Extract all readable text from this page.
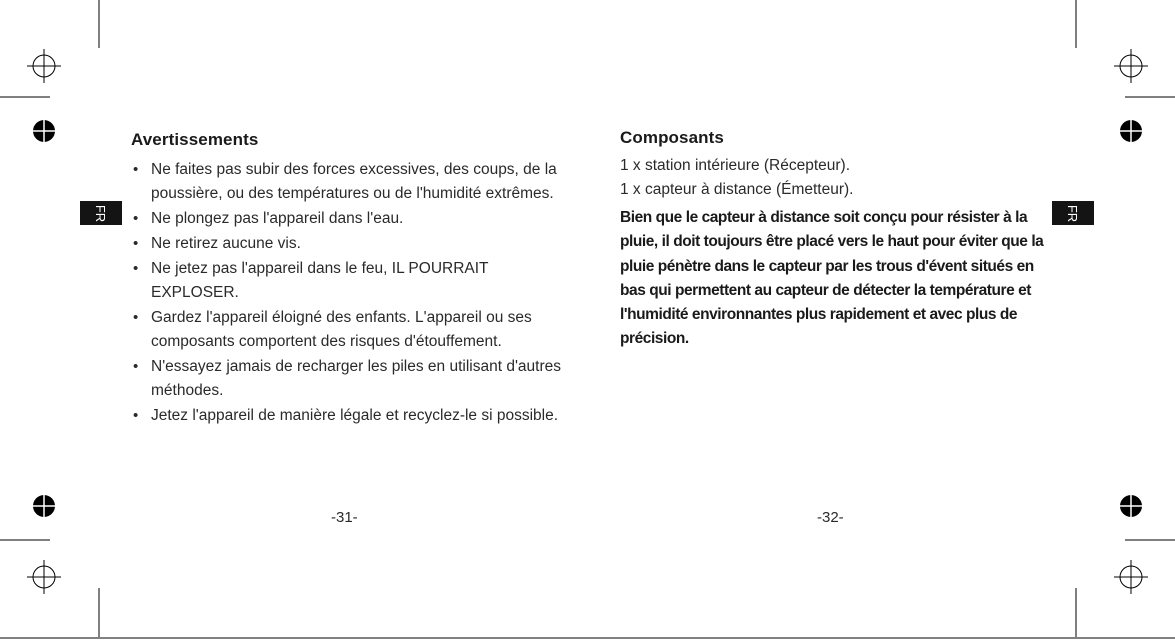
FR	FR
Avertissements
• Ne faites pas subir des forces excessives, des coups, de la poussière, ou des températures ou de l'humidité extrêmes.
• Ne plongez pas l'appareil dans l'eau.
• Ne retirez aucune vis.
• Ne jetez pas l'appareil dans le feu, IL POURRAIT EXPLOSER.
• Gardez l'appareil éloigné des enfants. L'appareil ou ses composants comportent des risques d'étouffement.
• N'essayez jamais de recharger les piles en utilisant d'autres méthodes.
• Jetez l'appareil de manière légale et recyclez-le si possible.
-31-
Composants
1 x station intérieure (Récepteur).
1 x capteur à distance (Émetteur).
Bien que le capteur à distance soit conçu pour résister à la pluie, il doit toujours être placé vers le haut pour éviter que la pluie pénètre dans le capteur par les trous d'évent situés en bas qui permettent au capteur de détecter la température et l'humidité environnantes plus rapidement et avec plus de précision.
-32-
